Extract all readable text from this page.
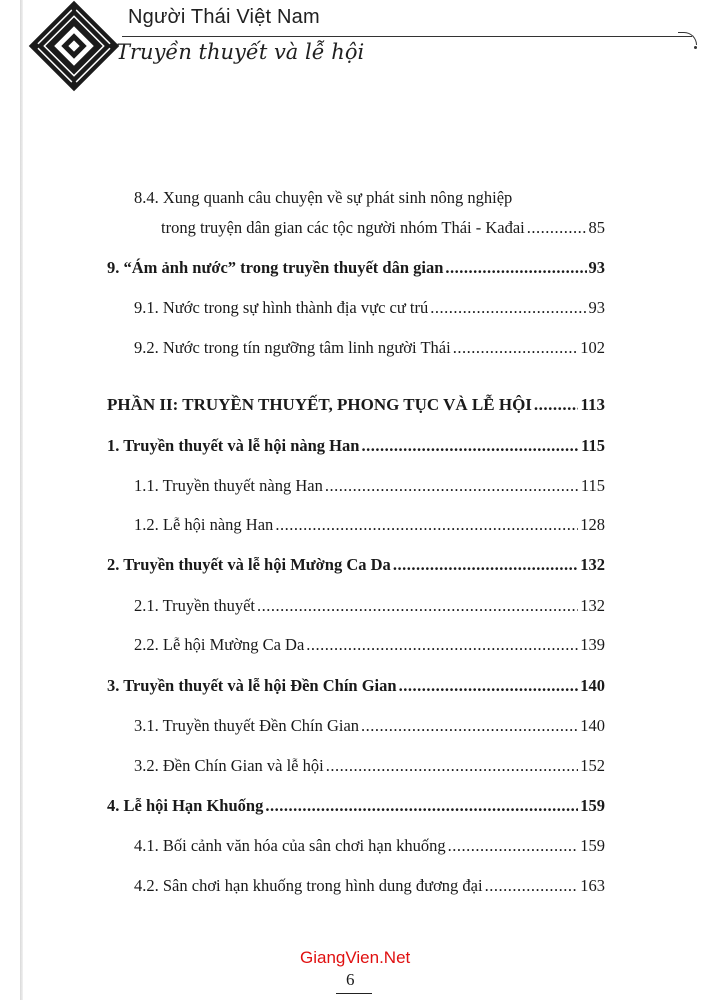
Người Thái Việt Nam
Truyền thuyết và lễ hội
8.4. Xung quanh câu chuyện về sự phát sinh nông nghiệp
trong truyện dân gian các tộc người nhóm Thái - Kađai .....	85
9. “Ám ảnh nước” trong truyền thuyết dân gian .....	93
9.1. Nước trong sự hình thành địa vực cư trú .....	93
9.2. Nước trong tín ngưỡng tâm linh người Thái .....	102
PHẦN II: TRUYỀN THUYẾT, PHONG TỤC VÀ LỄ HỘI .....	113
1. Truyền thuyết và lễ hội nàng Han .....	115
1.1. Truyền thuyết nàng Han .....	115
1.2. Lễ hội nàng Han .....	128
2. Truyền thuyết và lễ hội Mường Ca Da .....	132
2.1. Truyền thuyết .....	132
2.2. Lễ hội Mường Ca Da .....	139
3. Truyền thuyết và lễ hội Đền Chín Gian .....	140
3.1. Truyền thuyết Đền Chín Gian .....	140
3.2. Đền Chín Gian và lễ hội .....	152
4. Lễ hội Hạn Khuống .....	159
4.1. Bối cảnh văn hóa của sân chơi hạn khuống .....	159
4.2. Sân chơi hạn khuống trong hình dung đương đại .....	163
GiangVien.Net
6
